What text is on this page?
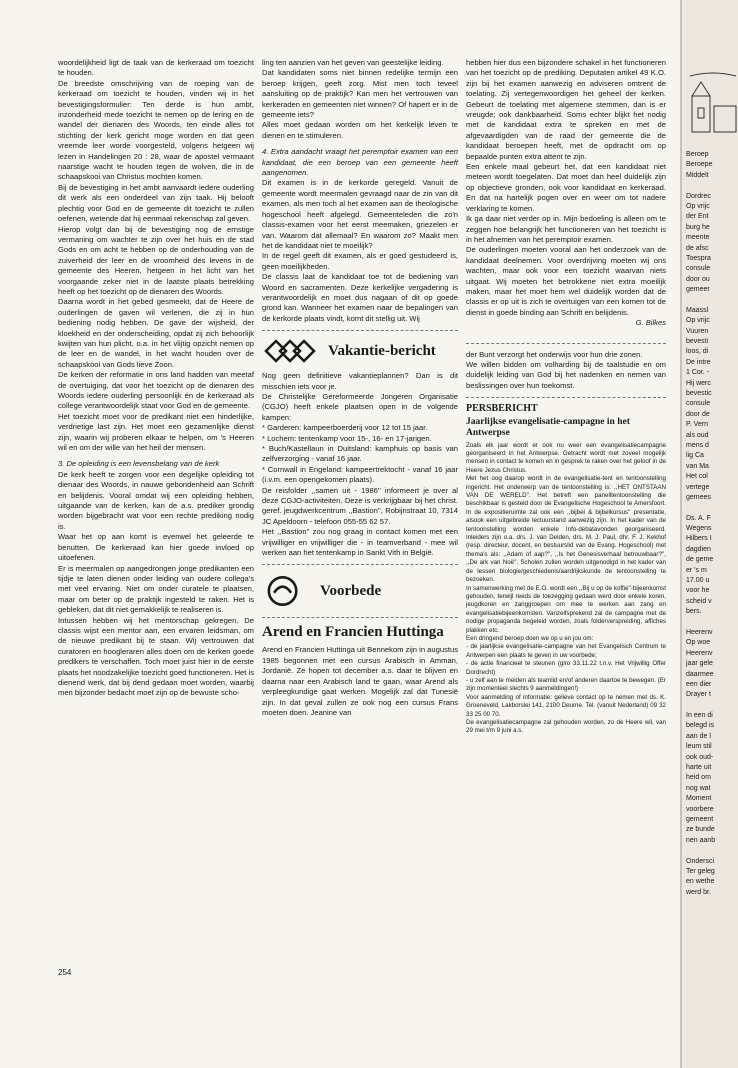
woordelijkheid ligt de taak van de kerkeraad om toezicht te houden.

De breedste omschrijving van de roeping van de kerkeraad om toezicht te houden, vinden wij in het bevestigingsformulier: Ten derde is hun ambt, inzonderheid mede toezicht te nemen op de lering en de wandel der dienaren des Woords, ten einde alles tot stichting der kerk gericht moge worden en dat geen vreemde leer worde voorgesteld, volgens hetgeen wij lezen in Handelingen 20 : 28, waar de apostel vermaant naarstige wacht te houden tegen de wolven, die in de schaapskooi van Christus mochten komen.

Bij de bevestiging in het ambt aanvaardt iedere ouderling dit werk als een onderdeel van zijn taak. Hij belooft plechtig voor God en de gemeente dit toezicht te zullen oefenen, wetende dat hij eenmaal rekenschap zal geven.

Hierop volgt dan bij de bevestiging nog de ernstige vermaning om wachter te zijn over het huis en de stad Gods en om acht te hebben op de onderhouding van de zuiverheid der leer en de vroomheid des levens in de gemeente des Heeren, hetgeen in het licht van het voorgaande zeker niet in de laatste plaats betrekking heeft op het toezicht op de dienaren des Woords.

Daarna wordt in het gebed gesmeekt, dat de Heere de ouderlingen de gaven wil verlenen, die zij in hun bediening nodig hebben. De gave der wijsheid, der kloekheid en der onderscheiding, opdat zij zich behoorlijk kwijten van hun plicht, o.a. in het vlijtig opzicht nemen op de leer en de wandel, in het wacht houden over de schaapskooi van Gods lieve Zoon.

De kerken der reformatie in ons land hadden van meetaf de overtuiging, dat voor het toezicht op de dienaren des Woords iedere ouderling persoonlijk én de kerkeraad als college verantwoordelijk staat voor God en de gemeente.

Het toezicht moet voor de predikant niet een hinderlijke, verdrietige last zijn. Het moet een gezamenlijke dienst zijn, waarin wij proberen elkaar te helpen, om 's Heeren wil en om der wille van het heil der mensen.

3. De opleiding is een levensbelang van de kerk

De kerk heeft te zorgen voor een degelijke opleiding tot dienaar des Woords, in nauwe gebondenheid aan Schrift en belijdenis. Vooral omdat wij een opleiding hebben, uitgaande van de kerken, kan de a.s. prediker grondig worden bijgebracht wat voor een rechte prediking nodig is.

Waar het op aan komt is evenwel het geleerde te benutten. De kerkeraad kan hier goede invloed op uitoefenen.

Er is meermalen op aangedrongen jonge predikanten een tijdje te laten dienen onder leiding van oudere collega's met veel ervaring. Niet om onder curatele te plaatsen, maar om beter op de praktijk ingesteld te raken. Het is gebleken, dat dit niet gemakkelijk te realiseren is.

Intussen hebben wij het mentorschap gekregen. De classis wijst een mentor aan, een ervaren leidsman, om de nieuwe predikant bij te staan. Wij vertrouwen dat curatoren en hoogleraren alles doen om de kerken goede predikers te verschaffen. Toch moet juist hier in de eerste plaats het noodzakelijke toezicht goed functioneren. Het is dienend werk, dat bij dend gedaan moet worden, waarbij men bijzonder bedacht moet zijn op de bewuste scho-

ling ten aanzien van het geven van geestelijke leiding.

Dat kandidaten soms niet binnen redelijke termijn een beroep krijgen, geeft zorg. Mist men toch teveel aansluiting op de praktijk? Kan men het vertrouwen van kerkeraden en gemeenten niet winnen? Of hapert er in de gemeente iets?

Alles moet gedaan worden om het kerkelijk leven te dienen en te stimuleren.

4. Extra aandacht vraagt het peremptoir examen van een kandidaat, die een beroep van een gemeente heeft aangenomen.

Dit examen is in de kerkorde geregeld. Vanuit de gemeente wordt meermalen gevraagd naar de zin van dit examen, als men toch al het examen aan de theologische hogeschool heeft afgelegd. Gemeenteleden die zo'n classis-examen voor het eerst meemaken, griezelen er van. Waarom dat allemaal? En waarom zo? Maakt men het de kandidaat niet te moeilijk?

In de regel geeft dit examen, als er goed gestudeerd is, geen moeilijkheden.

De classis laat de kandidaat toe tot de bediening van Woord en sacramenten. Deze kerkelijke vergadering is verantwoordelijk en moet dus nagaan of dit op goede grond kan. Wanneer het examen naar de bepalingen van de kerkorde plaats vindt, komt dit stellig uit. Wij

Vakantie-bericht

Nog geen definitieve vakantieplannen? Dan is dit misschien iets voor je.

De Christelijke Gereformeerde Jongeren Organisatie (CGJO) heeft enkele plaatsen open in de volgende kampen:

* Garderen: kampeerboerderij voor 12 tot 15 jaar.

* Lochem: tentenkamp voor 15-, 16- en 17-jarigen.

* Buch/Kastellaun in Duitsland: kamphuis op basis van zelfverzorging - vanaf 16 jaar.

* Cornwall in Engeland: kampeertrektocht - vanaf 16 jaar (i.v.m. een opengekomen plaats).

De reisfolder ,,samen uit - 1986'' informeert je over al deze CGJO-activiteiten. Deze is verkrijgbaar bij het christ. geref. jeugdwerkcentrum ,,Bastion'', Robijnstraat 10, 7314 JC Apeldoorn - telefoon 055-55 62 57.

Het ,,Bastion'' zou nog graag in contact komen met een vrijwilliger en vrijwilliger die - in teamverband - mee wil werken aan het tentenkamp in Sankt Vith in België.

Voorbede
Arend en Francien Huttinga

Arend en Francien Huttinga uit Bennekom zijn in augustus 1985 begonnen met een cursus Arabisch in Amman, Jordanië. Ze hopen tot december a.s. daar te blijven en daarna naar een Arabisch land te gaan, waar Arend als verpleegkundige gaat werken. Mogelijk zal dat Tunesië zijn. In dat geval zullen ze ook nog een cursus Frans moeten doen. Jeanine van

hebben hier dus een bijzondere schakel in het functioneren van het toezicht op de prediking. Deputaten artikel 49 K.O. zijn bij het examen aanwezig en adviseren omtrent de toelating. Zij vertegenwoordigen het geheel der kerken. Gebeurt de toelating met algemene stemmen, dan is er vreugde; ook dankbaarheid. Soms echter blijkt het nodig met de kandidaat extra te spreken en met de afgevaardigden van de raad der gemeente die de kandidaat beroepen heeft, met de opdracht om op bepaalde punten extra attent te zijn.

Een enkele maal gebeurt het, dat een kandidaat niet meteen wordt toegelaten. Dat moet dan heel duidelijk zijn op objectieve gronden, ook voor kandidaat en kerkeraad. En dat na hartelijk pogen over en weer om tot nadere verklaring te komen.

Ik ga daar niet verder op in. Mijn bedoeling is alleen om te zeggen hoe belangrijk het functioneren van het toezicht is in het afnemen van het peremptoir examen.

De ouderlingen moeten vooral aan het onderzoek van de kandidaat deelnemen. Voor overdrijving moeten wij ons wachten, maar ook voor een toezicht waarvan niets uitgaat. Wij moeten het betrokkene niet extra moeilijk maken, maar het moet hem wel duidelijk worden dat de classis er op uit is zich te overtuigen van een komen tot de dienst in goede binding aan Schrift en belijdenis.

G. Bilkes

der Bunt verzorgt het onderwijs voor hun drie zonen.

We willen bidden om volharding bij de taalstudie en om duidelijk leiding van God bij het nadenken en nemen van beslissingen over hun toekomst.

PERSBERICHT
Jaarlijkse evangelisatie-campagne in het Antwerpse

Zoals elk jaar wordt er ook nu weer een evangelisatiecampagne georganiseerd in het Antwerpse. Getracht wordt met zoveel mogelijk mensen in contact te komen en in gesprek te raken over het geloof in de Heere Jezus Christus.

Met het oog daarop wordt in de evangelisatie-tent en tentoonstelling ingericht. Het onderwerp van de tentoonstelling is: ,,HET ONTSTAAN VAN DE WERELD''. Het betreft een panelltentoonstelling die beschikbaar is gesteld door de Evangelische Hogeschool te Amersfoort. In de expositieruimte zal ook een ,,bijbel & bijbelkursus'' presentatie, alsook een uitgebreide lectuurstand aanwezig zijn. In het kader van de tentoonstelling worden enkele Info-debatavonden georganiseerd. Inleiders zijn o.a. drs. J. van Delden, drs. M. J. Paul, dhr. F. J. Kekhof (resp. directeur, docent, en bestuurslid van de Evang. Hogeschool) met thema's als: ,,Adam of aap?'', ,,Is het Genesisverhaal betrouwbaar?'', ,,De ark van Noë''. Scholen zullen worden uitgenodigd in het kader van de lessen biologie/geschiedenis/aardrijkskunde de tentoonstelling te bezoeken.

In samenwerking met de E.O. wordt een ,,Bij u op de koffie''-bijeenkomst gehouden, terwijl reeds de toezegging gedaan werd door enkele koren, jeugdkoren en zanggroepen om mee te werken aan zang en evangelisatiebijeenkomsten. Vanzelfsprekend zal de campagne met de nodige propaganda begeleid worden, zoals folderverspreiding, affiches plakken etc.

Een dringend beroep doen we op u en jou om:

- de jaarlijkse evangelisatie-campagne van het Evangelisch Centrum te Antwerpen een plaats te geven in uw voorbede;

- de actie financieel te steunen (giro 33.11.22 t.n.v. Het Vrijwillig Offer Dordrecht)

- u zelf aan te melden als teamlid en/of anderen daartoe te bewegen. (Er zijn momenteel slechts 9 aanmeldingen!)

Voor aanmelding of informatie: gelieve contact op te nemen met ds. K. Groeneveld, Lakborslei 141, 2100 Deurne. Tel. (vanuit Nederland) 09 32 33 25 00 70.

De evangelisatiecampagne zal gehouden worden, zo de Heere wil, van 29 mei t/m 9 juni a.s.

254
Beroep
Beroepe
Middelt
Dordrec
Op vrijc
der Ent
burg he
meente
de afsc
Toespra
consule
door ou
gemeer
Maassl
Op vrijc
Vuuren
bevesti
loos, di
De intre
1 Cor. -
Hij werc
bevestic
consule
door de
P. Vern
als oud
mens d
lig Ca
van Ma
Het col
vertege
gemees
Ds. A. F
Wegens
Hilbers I
dagdien
de geme
er 's m
17.00 u
voor he
scheid v
bers.
Heerenv
Op woe
Heerenv
jaar gele
daarmee
een dier
Drayer t
In een di
belegd is
aan de l
leum stil
ook oud-
harte uit
heid om
nog wat
Moment
voorbere
gemeent
ze bunde
nen aanb
Ondersci
Ter geleg
en wethe
werd br.
